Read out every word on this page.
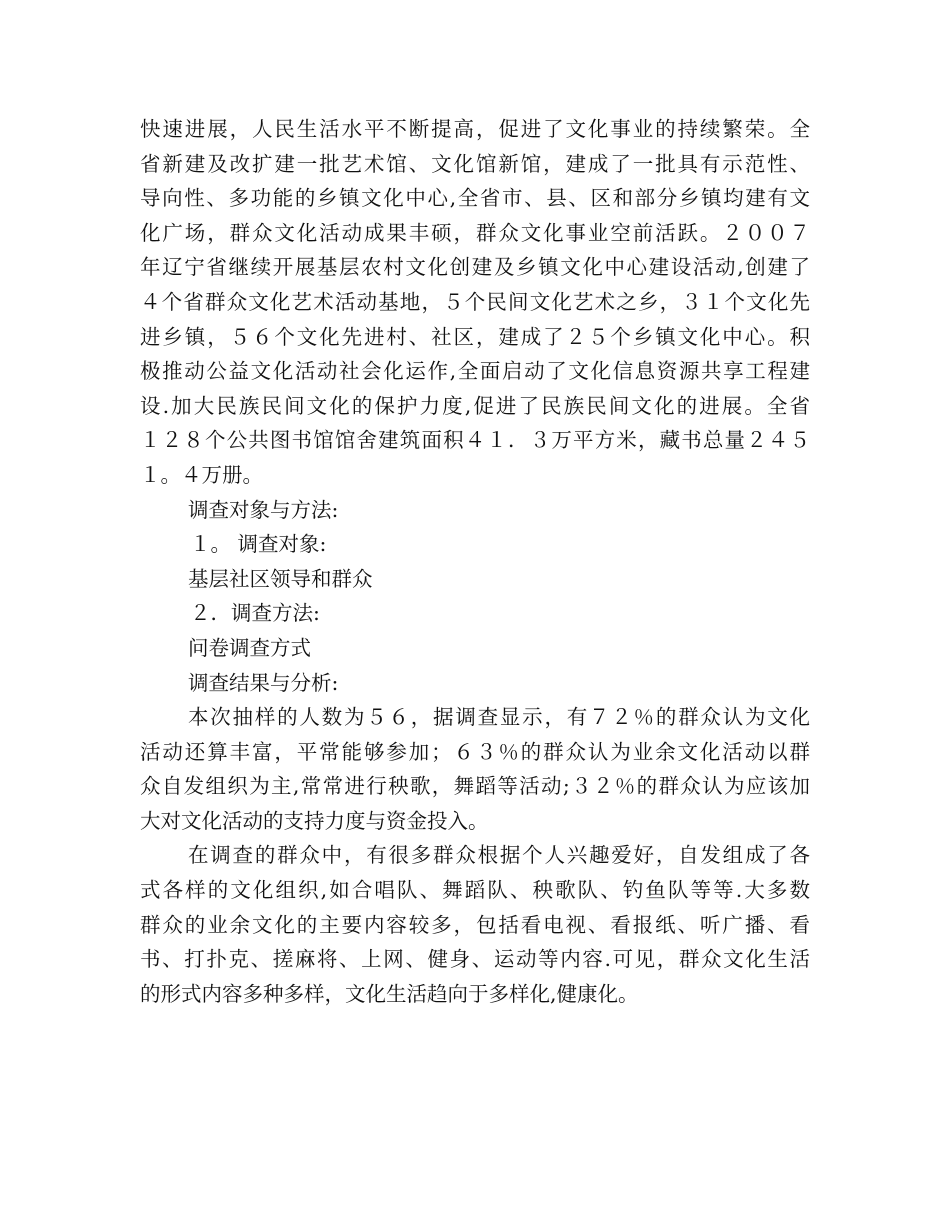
快速进展，人民生活水平不断提高，促进了文化事业的持续繁荣。全
省新建及改扩建一批艺术馆、文化馆新馆，建成了一批具有示范性、
导向性、多功能的乡镇文化中心,全省市、县、区和部分乡镇均建有文
化广场，群众文化活动成果丰硕，群众文化事业空前活跃。２００７
年辽宁省继续开展基层农村文化创建及乡镇文化中心建设活动,创建了
４个省群众文化艺术活动基地，５个民间文化艺术之乡，３１个文化先
进乡镇，５６个文化先进村、社区，建成了２５个乡镇文化中心。积
极推动公益文化活动社会化运作,全面启动了文化信息资源共享工程建
设.加大民族民间文化的保护力度,促进了民族民间文化的进展。全省
１２８个公共图书馆馆舍建筑面积４１．３万平方米，藏书总量２４５
１。４万册。
调查对象与方法:
１。 调查对象:
基层社区领导和群众
２．调查方法:
问卷调查方式
调查结果与分析:
本次抽样的人数为５６，据调查显示，有７２％的群众认为文化
活动还算丰富，平常能够参加；６３％的群众认为业余文化活动以群
众自发组织为主,常常进行秧歌，舞蹈等活动;３２％的群众认为应该加
大对文化活动的支持力度与资金投入。
在调查的群众中，有很多群众根据个人兴趣爱好，自发组成了各
式各样的文化组织,如合唱队、舞蹈队、秧歌队、钓鱼队等等.大多数
群众的业余文化的主要内容较多，包括看电视、看报纸、听广播、看
书、打扑克、搓麻将、上网、健身、运动等内容.可见，群众文化生活
的形式内容多种多样，文化生活趋向于多样化,健康化。
